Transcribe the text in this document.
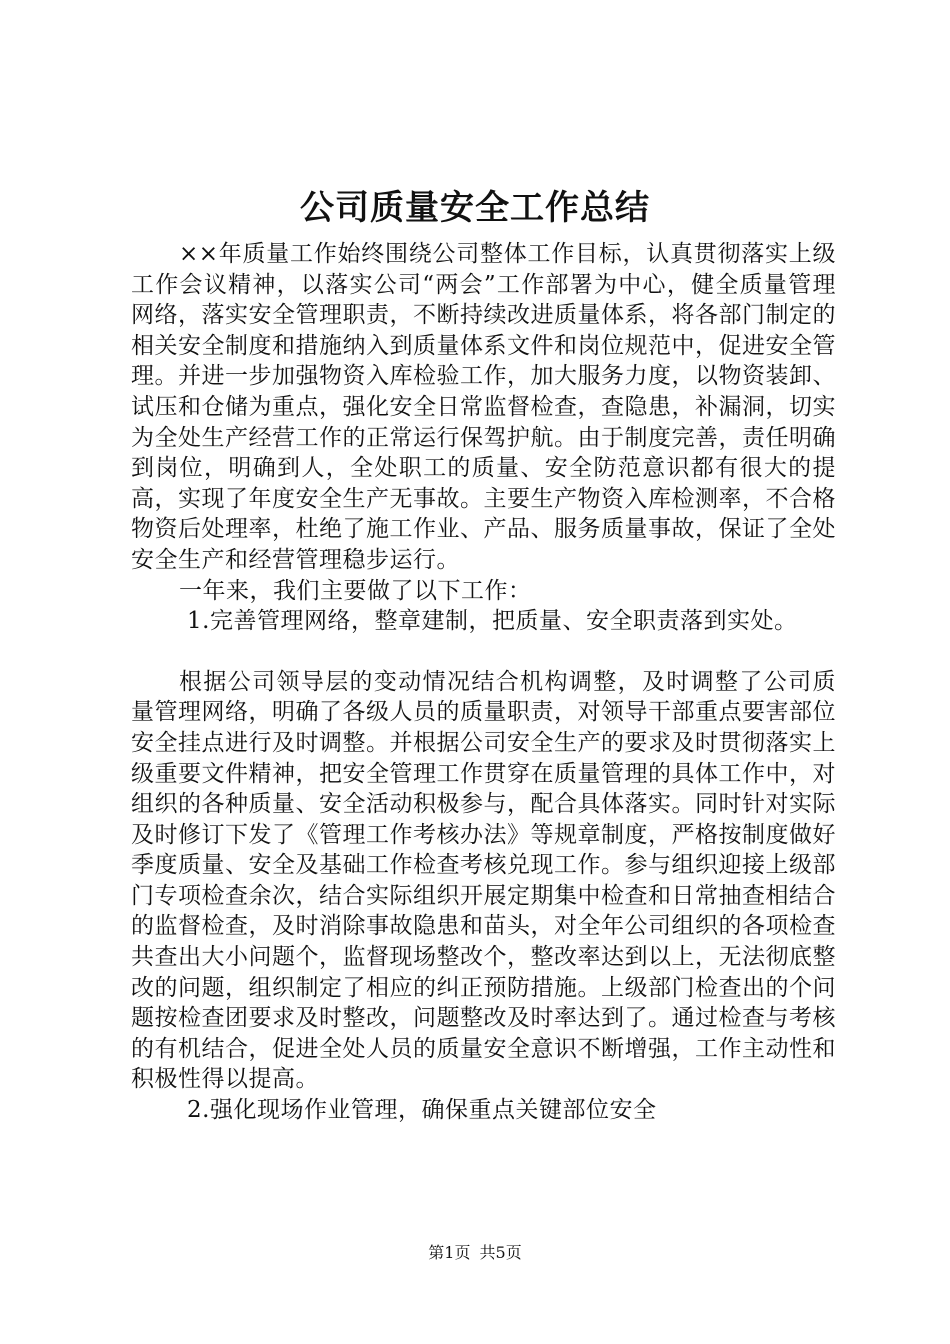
公司质量安全工作总结

××年质量工作始终围绕公司整体工作目标，认真贯彻落实上级工作会议精神，以落实公司“两会”工作部署为中心，健全质量管理网络，落实安全管理职责，不断持续改进质量体系，将各部门制定的相关安全制度和措施纳入到质量体系文件和岗位规范中，促进安全管理。并进一步加强物资入库检验工作，加大服务力度，以物资装卸、试压和仓储为重点，强化安全日常监督检查，查隐患，补漏洞，切实为全处生产经营工作的正常运行保驾护航。由于制度完善，责任明确到岗位，明确到人，全处职工的质量、安全防范意识都有很大的提高，实现了年度安全生产无事故。主要生产物资入库检测率，不合格物资后处理率，杜绝了施工作业、产品、服务质量事故，保证了全处安全生产和经营管理稳步运行。

一年来，我们主要做了以下工作：

1.完善管理网络，整章建制，把质量、安全职责落到实处。

根据公司领导层的变动情况结合机构调整，及时调整了公司质量管理网络，明确了各级人员的质量职责，对领导干部重点要害部位安全挂点进行及时调整。并根据公司安全生产的要求及时贯彻落实上级重要文件精神，把安全管理工作贯穿在质量管理的具体工作中，对组织的各种质量、安全活动积极参与，配合具体落实。同时针对实际及时修订下发了《管理工作考核办法》等规章制度，严格按制度做好季度质量、安全及基础工作检查考核兑现工作。参与组织迎接上级部门专项检查余次，结合实际组织开展定期集中检查和日常抽查相结合的监督检查，及时消除事故隐患和苗头，对全年公司组织的各项检查共查出大小问题个，监督现场整改个，整改率达到以上，无法彻底整改的问题，组织制定了相应的纠正预防措施。上级部门检查出的个问题按检查团要求及时整改，问题整改及时率达到了。通过检查与考核的有机结合，促进全处人员的质量安全意识不断增强，工作主动性和积极性得以提高。

2.强化现场作业管理，确保重点关键部位安全

第1页 共5页
